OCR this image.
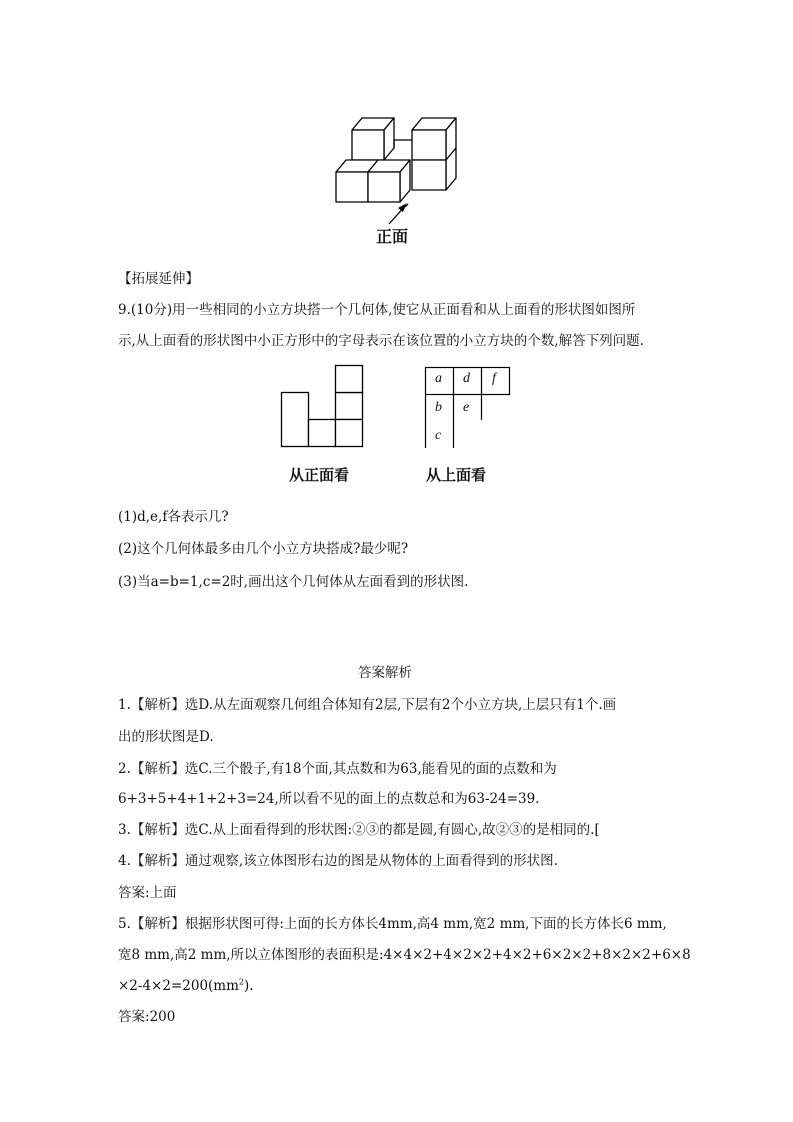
正面
【拓展延伸】
9.(10分)用一些相同的小立方块搭一个几何体,使它从正面看和从上面看的形状图如图所
示,从上面看的形状图中小正方形中的字母表示在该位置的小立方块的个数,解答下列问题.
a d f
b e
c
从正面看	从上面看
(1)d,e,f各表示几?
(2)这个几何体最多由几个小立方块搭成?最少呢?
(3)当a=b=1,c=2时,画出这个几何体从左面看到的形状图.
答案解析
1.【解析】选D.从左面观察几何组合体知有2层,下层有2个小立方块,上层只有1个.画
出的形状图是D.
2.【解析】选C.三个骰子,有18个面,其点数和为63,能看见的面的点数和为
6+3+5+4+1+2+3=24,所以看不见的面上的点数总和为63-24=39.
3.【解析】选C.从上面看得到的形状图:②③的都是圆,有圆心,故②③的是相同的.[
4.【解析】通过观察,该立体图形右边的图是从物体的上面看得到的形状图.
答案:上面
5.【解析】根据形状图可得:上面的长方体长4mm,高4 mm,宽2 mm,下面的长方体长6 mm,
宽8 mm,高2 mm,所以立体图形的表面积是:4×4×2+4×2×2+4×2+6×2×2+8×2×2+6×8
$\times 2-4\times 2=200(mm^2)$.
答案:200
